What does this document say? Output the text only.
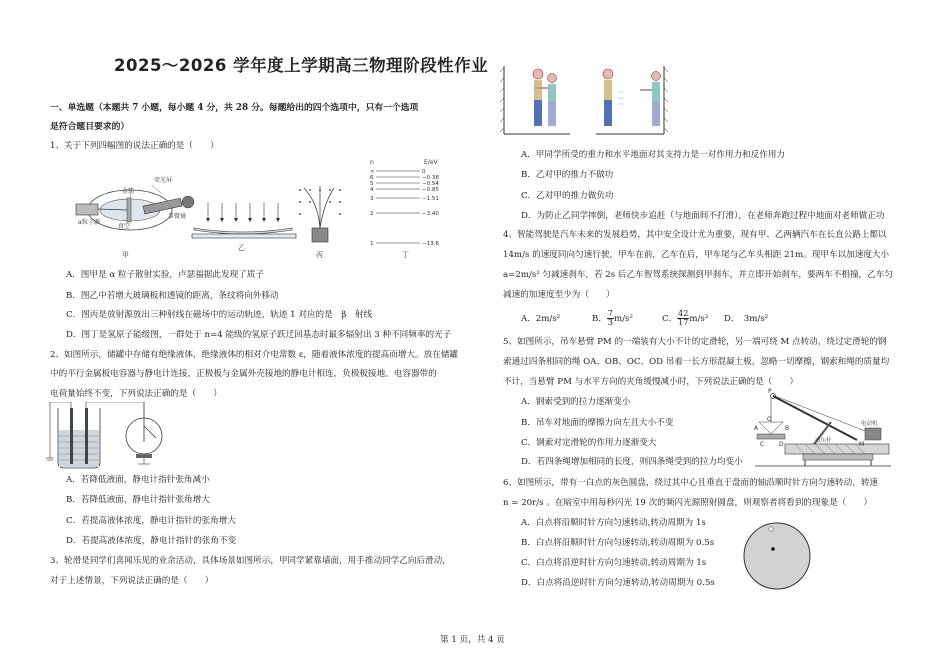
2025～2026 学年度上学期高三物理阶段性作业
一、单选题（本题共 7 小题，每小题 4 分，共 28 分。每题给出的四个选项中，只有一个选项
是符合题目要求的）
1、关于下列四幅图的说法正确的是（　　）
荧光屏
金箔
真空
α粒子源
显微镜
甲
乙
丙
n	E/eV
∞	0
6	−0.38
5	−0.54
4	−0.85
3	−1.51
2	−3.40
1	−13.6
丁
A．图甲是 α 粒子散射实验，卢瑟福据此发现了质子
B．图乙中若增大玻璃板和透镜的距离，条纹将向外移动
C．图丙是放射源放出三种射线在磁场中的运动轨迹，轨迹 1 对应的是　β　射线
D．图丁是氢原子能级图，一群处于 n=4 能级的氢原子跃迁回基态时最多辐射出 3 种不同频率的光子
2、如图所示，储罐中存储有绝缘液体，绝缘液体的相对介电常数 ε，随着液体浓度的提高而增大。放在储罐
中的平行金属板电容器与静电计连接，正极板与金属外壳接地的静电计相连，负极板接地。电容器带的
电荷量始终不变，下列说法正确的是（　　）
A．若降低液面，静电计指针张角减小
B．若降低液面，静电计指针张角增大
C．若提高液体浓度，静电计指针的张角增大
D．若提高液体浓度，静电计指针的张角不变
3、轮滑是同学们喜闻乐见的业余活动，具体场景如图所示，甲同学紧靠墙面，用手推动同学乙向后滑动，
对于上述情景，下列说法正确的是（　　）
A．甲同学所受的重力和水平地面对其支持力是一对作用力和反作用力
B．乙对甲的推力不做功
C．乙对甲的推力做负功
D．为防止乙同学摔倒，老师快步追赶（与地面间不打滑），在老师奔跑过程中地面对老师做正功
4、智能驾驶是汽车未来的发展趋势，其中安全设计尤为重要，现有甲、乙两辆汽车在长直公路上都以
14m/s 的速度同向匀速行驶，甲车在前，乙车在后，甲车尾与乙车头相距 21m。现甲车以加速度大小
a=2m/s² 匀减速刹车，若 2s 后乙车智驾系统探测到甲刹车，并立即开始刹车，要两车不相撞，乙车匀
减速的加速度至少为（　　）
A．2m/s²	B． $\frac{7}{3} m/s^2$	C． $\frac{42}{17} m/s^2$ D．　3m/s²
5、如图所示，吊车悬臂 PM 的一端装有大小不计的定滑轮，另一端可绕 M 点转动，绕过定滑轮的钢
索通过四条相同的绳 OA、OB、OC、OD 吊着一长方形混凝土板，忽略一切摩擦，钢索和绳的质量均
不计，当悬臂 PM 与水平方向的夹角缓慢减小时，下列说法正确的是（　　）
A．钢索受到的拉力逐渐变小
B．吊车对地面的摩擦力向左且大小不变
C．钢索对定滑轮的作用力逐渐变大
D．若四条绳增加相同的长度，则四条绳受到的拉力均变小
P
M
O
A	B
C D
电动机
液压杆
6、如图所示，带有一白点的灰色圆盘，绕过其中心且垂直于盘面的轴沿顺时针方向匀速转动，转速
n = 20r/s 。在暗室中用每秒闪光 19 次的频闪光源照射圆盘，则观察者将看到的现象是（　　）
A．白点将沿顺时针方向匀速转动,转动周期为 1s
B．白点将沿顺时针方向匀速转动,转动周期为 0.5s
C．白点将沿逆时针方向匀速转动,转动周期为 1s
D．白点将沿逆时针方向匀速转动,转动周期为 0.5s
第 1 页，共 4 页
